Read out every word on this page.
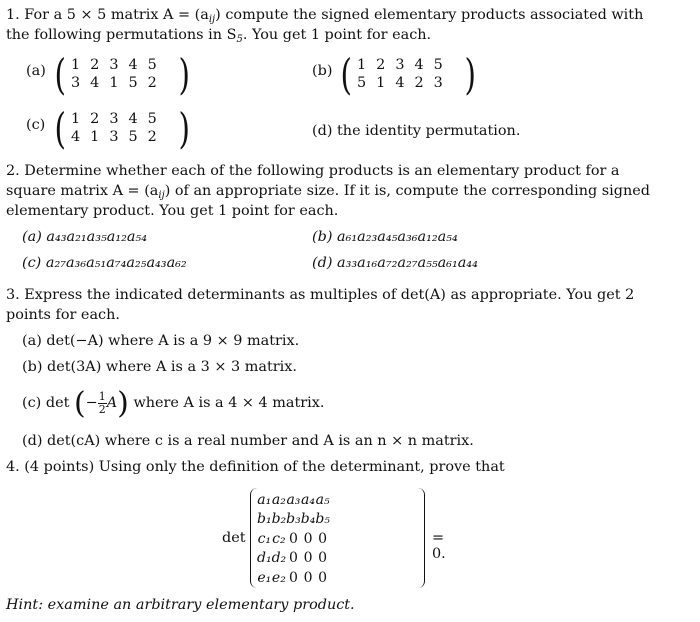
1. For a 5 × 5 matrix $A = (a_{ij})$ compute the signed elementary products associated with
the following permutations in $S_5$. You get 1 point for each.
(a) ( 1	2	3	4	5
3	4	1	5	2 )	(b) ( 1	2	3	4	5
5	1	4	2	3 )
(c) ( 1	2	3	4	5
4	1	3	5	2 )	(d) the identity permutation.
2. Determine whether each of the following products is an elementary product for a
square matrix $A = (a_{ij})$ of an appropriate size. If it is, compute the corresponding signed
elementary product. You get 1 point for each.
(a) a₄₃a₂₁a₃₅a₁₂a₅₄	(b) a₆₁a₂₃a₄₅a₃₆a₁₂a₅₄
(c) a₂₇a₃₆a₅₁a₇₄a₂₅a₄₃a₆₂	(d) a₃₃a₁₆a₇₂a₂₇a₅₅a₆₁a₄₄
3. Express the indicated determinants as multiples of det(A) as appropriate. You get 2
points for each.
(a) det(−A) where A is a 9 × 9 matrix.
(b) det(3A) where A is a 3 × 3 matrix.
(c) det (− $\frac{1}{2} A$) where A is a 4 × 4 matrix.
(d) det(cA) where c is a real number and A is an n × n matrix.
4. (4 points) Using only the definition of the determinant, prove that
det
a₁	a₂	a₃	a₄	a₅
b₁	b₂	b₃	b₄	b₅
c₁	c₂	0	0	0
d₁	d₂	0	0	0
e₁	e₂	0	0	0
= 0.
Hint: examine an arbitrary elementary product.
